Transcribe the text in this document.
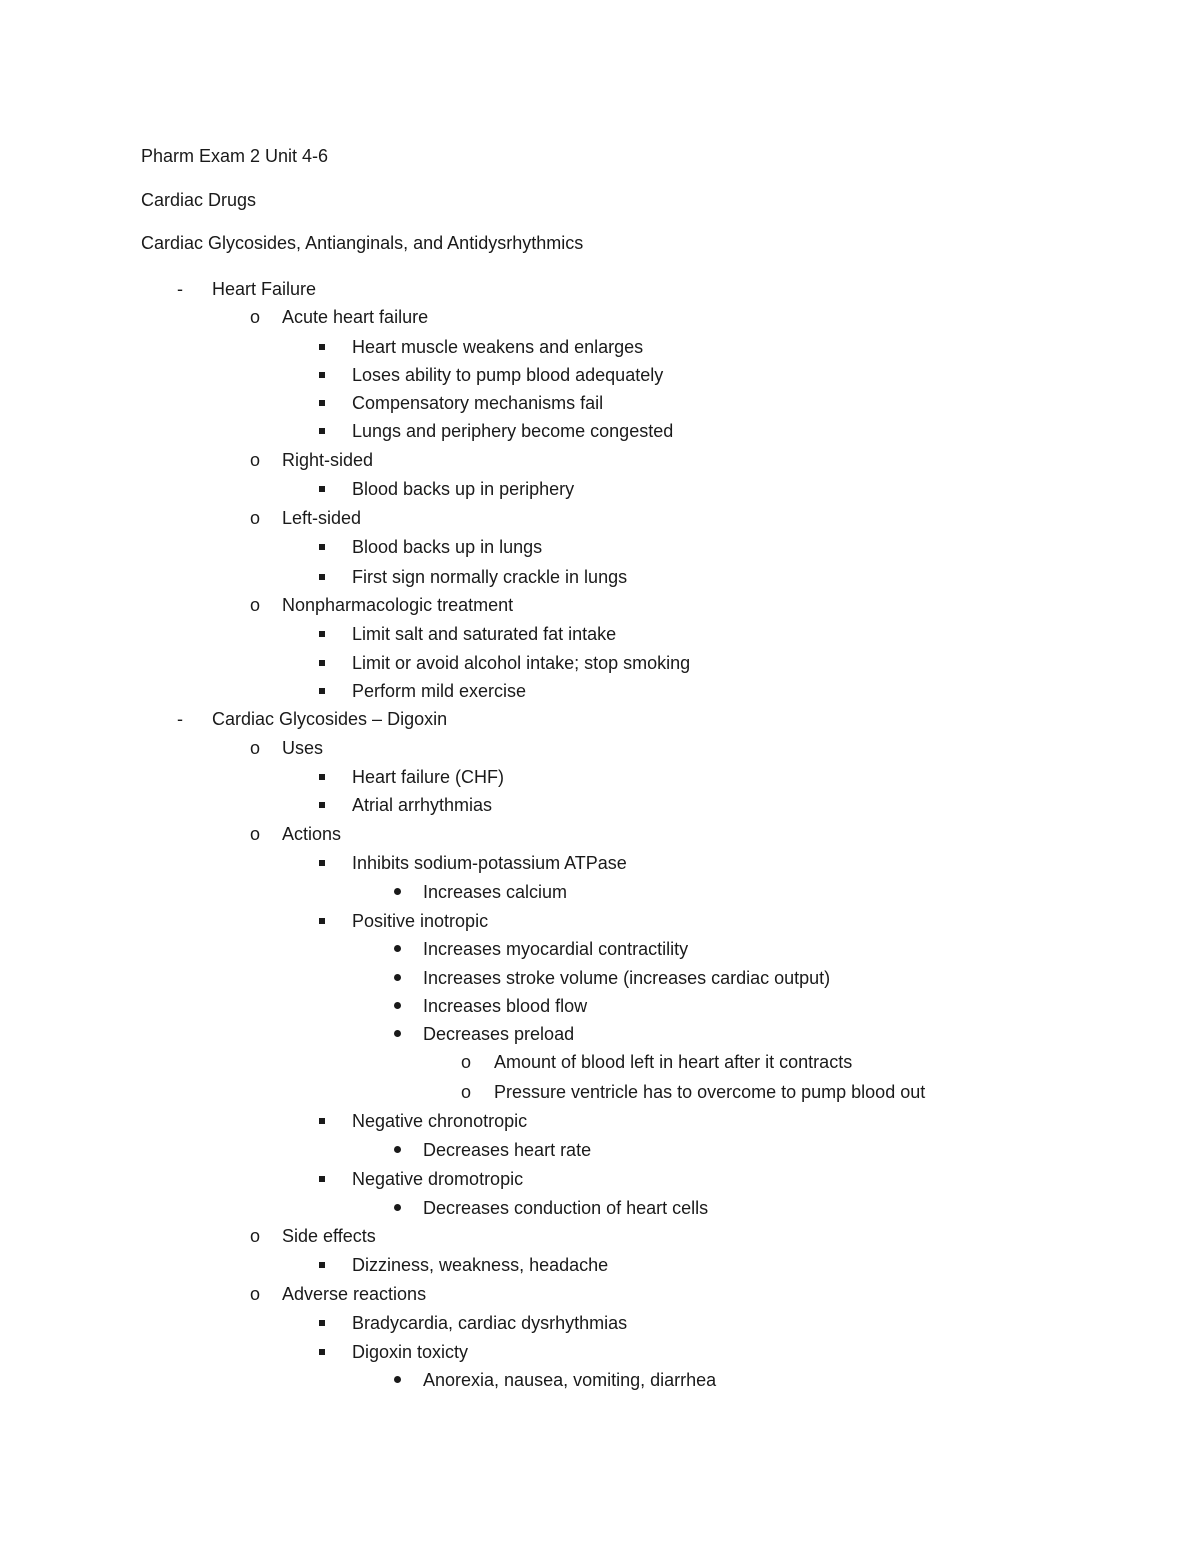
Pharm Exam 2 Unit 4-6
Cardiac Drugs
Cardiac Glycosides, Antianginals, and Antidysrhythmics
-	Heart Failure
o Acute heart failure
Heart muscle weakens and enlarges
Loses ability to pump blood adequately
Compensatory mechanisms fail
Lungs and periphery become congested
o Right-sided
Blood backs up in periphery
o Left-sided
Blood backs up in lungs
First sign normally crackle in lungs
o Nonpharmacologic treatment
Limit salt and saturated fat intake
Limit or avoid alcohol intake; stop smoking
Perform mild exercise
-	Cardiac Glycosides – Digoxin
o Uses
Heart failure (CHF)
Atrial arrhythmias
o Actions
Inhibits sodium-potassium ATPase
Increases calcium
Positive inotropic
Increases myocardial contractility
Increases stroke volume (increases cardiac output)
Increases blood flow
Decreases preload
o Amount of blood left in heart after it contracts
o Pressure ventricle has to overcome to pump blood out
Negative chronotropic
Decreases heart rate
Negative dromotropic
Decreases conduction of heart cells
o Side effects
Dizziness, weakness, headache
o Adverse reactions
Bradycardia, cardiac dysrhythmias
Digoxin toxicty
Anorexia, nausea, vomiting, diarrhea
